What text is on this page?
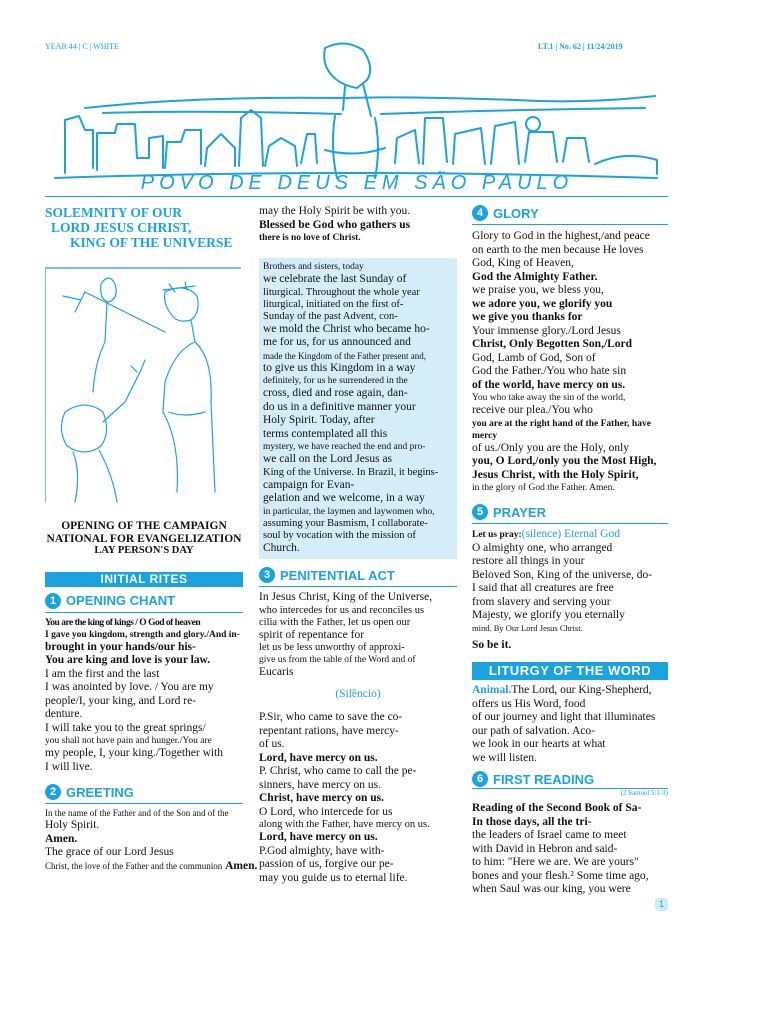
YEAR 44 | C | WHITE	LT.1 | No. 62 | 11/24/2019
POVO DE DEUS EM SÃO PAULO
SOLEMNITY OF OUR
LORD JESUS CHRIST,
KING OF THE UNIVERSE
OPENING OF THE CAMPAIGN
NATIONAL FOR EVANGELIZATION
LAY PERSON'S DAY
INITIAL RITES
1 OPENING CHANT

You are the king of kings / O God of heaven

I gave you kingdom, strength and glory./And in-

brought in your hands/our his-

You are king and love is your law.

I am the first and the last

I was anointed by love. / You are my

people/I, your king, and Lord re-

denture.

I will take you to the great springs/

you shall not have pain and hunger./You are

my people, I, your king./Together with

I will live.

2 GREETING

In the name of the Father and of the Son and of the

Holy Spirit.

Amen.

The grace of our Lord Jesus

Christ, the love of the Father and the communion Amen.

may the Holy Spirit be with you.

Blessed be God who gathers us

there is no love of Christ.

Brothers and sisters, today

we celebrate the last Sunday of

liturgical. Throughout the whole year

liturgical, initiated on the first of-

Sunday of the past Advent, con-

we mold the Christ who became ho-

me for us, for us announced and

made the Kingdom of the Father present and,

to give us this Kingdom in a way

definitely, for us he surrendered in the

cross, died and rose again, dan-

do us in a definitive manner your

Holy Spirit. Today, after

terms contemplated all this

mystery, we have reached the end and pro-

we call on the Lord Jesus as

King of the Universe. In Brazil, it begins-

campaign for Evan-

gelation and we welcome, in a way

in particular, the laymen and laywomen who,

assuming your Basmism, I collaborate-

soul by vocation with the mission of

Church.

3 PENITENTIAL ACT

In Jesus Christ, King of the Universe,

who intercedes for us and reconciles us

cilia with the Father, let us open our

spirit of repentance for

let us be less unworthy of approxi-

give us from the table of the Word and of

Eucaris

(Silêncio)

P.Sir, who came to save the co-

repentant rations, have mercy-

of us.

Lord, have mercy on us.

P. Christ, who came to call the pe-

sinners, have mercy on us.

Christ, have mercy on us.

O Lord, who intercede for us

along with the Father, have mercy on us.

Lord, have mercy on us.

P.God almighty, have with-

passion of us, forgive our pe-

may you guide us to eternal life.

4 GLORY

Glory to God in the highest,/and peace

on earth to the men because He loves

God, King of Heaven,

God the Almighty Father.

we praise you, we bless you,

we adore you, we glorify you

we give you thanks for

Your immense glory./Lord Jesus

Christ, Only Begotten Son,/Lord

God, Lamb of God, Son of

God the Father./You who hate sin

of the world, have mercy on us.

You who take away the sin of the world,

receive our plea./You who

you are at the right hand of the Father, have mercy

of us./Only you are the Holy, only

you, O Lord,/only you the Most High,

Jesus Christ, with the Holy Spirit,

in the glory of God the Father. Amen.

5 PRAYER

Let us pray:(silence) Eternal God

O almighty one, who arranged

restore all things in your

Beloved Son, King of the universe, do-

I said that all creatures are free

from slavery and serving your

Majesty, we glorify you eternally

mind. By Our Lord Jesus Christ.

So be it.

LITURGY OF THE WORD

Animal.The Lord, our King-Shepherd,

offers us His Word, food

of our journey and light that illuminates

our path of salvation. Aco-

we look in our hearts at what

we will listen.

6 FIRST READING
(2 Samuel 5:1-3)

Reading of the Second Book of Sa-

In those days, all the tri-

the leaders of Israel came to meet

with David in Hebron and said-

to him: "Here we are. We are yours"

bones and your flesh.² Some time ago,

when Saul was our king, you were

1
